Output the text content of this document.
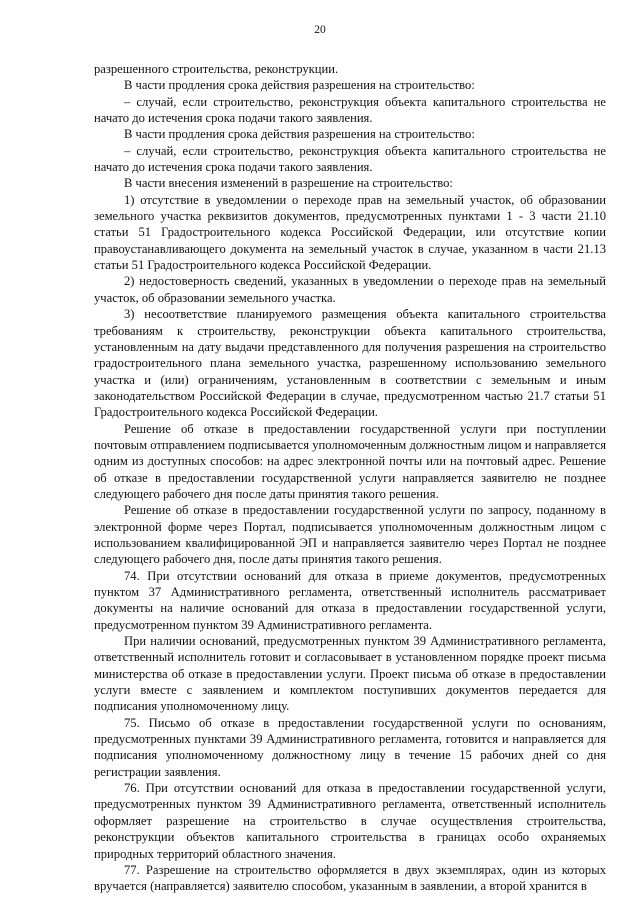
20

разрешенного строительства, реконструкции.

В части продления срока действия разрешения на строительство:

– случай, если строительство, реконструкция объекта капитального строительства не начато до истечения срока подачи такого заявления.

В части продления срока действия разрешения на строительство:

– случай, если строительство, реконструкция объекта капитального строительства не начато до истечения срока подачи такого заявления.

В части внесения изменений в разрешение на строительство:

1) отсутствие в уведомлении о переходе прав на земельный участок, об образовании земельного участка реквизитов документов, предусмотренных пунктами 1 - 3 части 21.10 статьи 51 Градостроительного кодекса Российской Федерации, или отсутствие копии правоустанавливающего документа на земельный участок в случае, указанном в части 21.13 статьи 51 Градостроительного кодекса Российской Федерации.

2) недостоверность сведений, указанных в уведомлении о переходе прав на земельный участок, об образовании земельного участка.

3) несоответствие планируемого размещения объекта капитального строительства требованиям к строительству, реконструкции объекта капитального строительства, установленным на дату выдачи представленного для получения разрешения на строительство градостроительного плана земельного участка, разрешенному использованию земельного участка и (или) ограничениям, установленным в соответствии с земельным и иным законодательством Российской Федерации в случае, предусмотренном частью 21.7 статьи 51 Градостроительного кодекса Российской Федерации.

Решение об отказе в предоставлении государственной услуги при поступлении почтовым отправлением подписывается уполномоченным должностным лицом и направляется одним из доступных способов: на адрес электронной почты или на почтовый адрес. Решение об отказе в предоставлении государственной услуги направляется заявителю не позднее следующего рабочего дня после даты принятия такого решения.

Решение об отказе в предоставлении государственной услуги по запросу, поданному в электронной форме через Портал, подписывается уполномоченным должностным лицом с использованием квалифицированной ЭП и направляется заявителю через Портал не позднее следующего рабочего дня, после даты принятия такого решения.

74. При отсутствии оснований для отказа в приеме документов, предусмотренных пунктом 37 Административного регламента, ответственный исполнитель рассматривает документы на наличие оснований для отказа в предоставлении государственной услуги, предусмотренном пунктом 39 Административного регламента.

При наличии оснований, предусмотренных пунктом 39 Административного регламента, ответственный исполнитель готовит и согласовывает в установленном порядке проект письма министерства об отказе в предоставлении услуги. Проект письма об отказе в предоставлении услуги вместе с заявлением и комплектом поступивших документов передается для подписания уполномоченному лицу.

75. Письмо об отказе в предоставлении государственной услуги по основаниям, предусмотренных пунктами 39 Административного регламента, готовится и направляется для подписания уполномоченному должностному лицу в течение 15 рабочих дней со дня регистрации заявления.

76. При отсутствии оснований для отказа в предоставлении государственной услуги, предусмотренных пунктом 39 Административного регламента, ответственный исполнитель оформляет разрешение на строительство в случае осуществления строительства, реконструкции объектов капитального строительства в границах особо охраняемых природных территорий областного значения.

77. Разрешение на строительство оформляется в двух экземплярах, один из которых вручается (направляется) заявителю способом, указанным в заявлении, а второй хранится в
